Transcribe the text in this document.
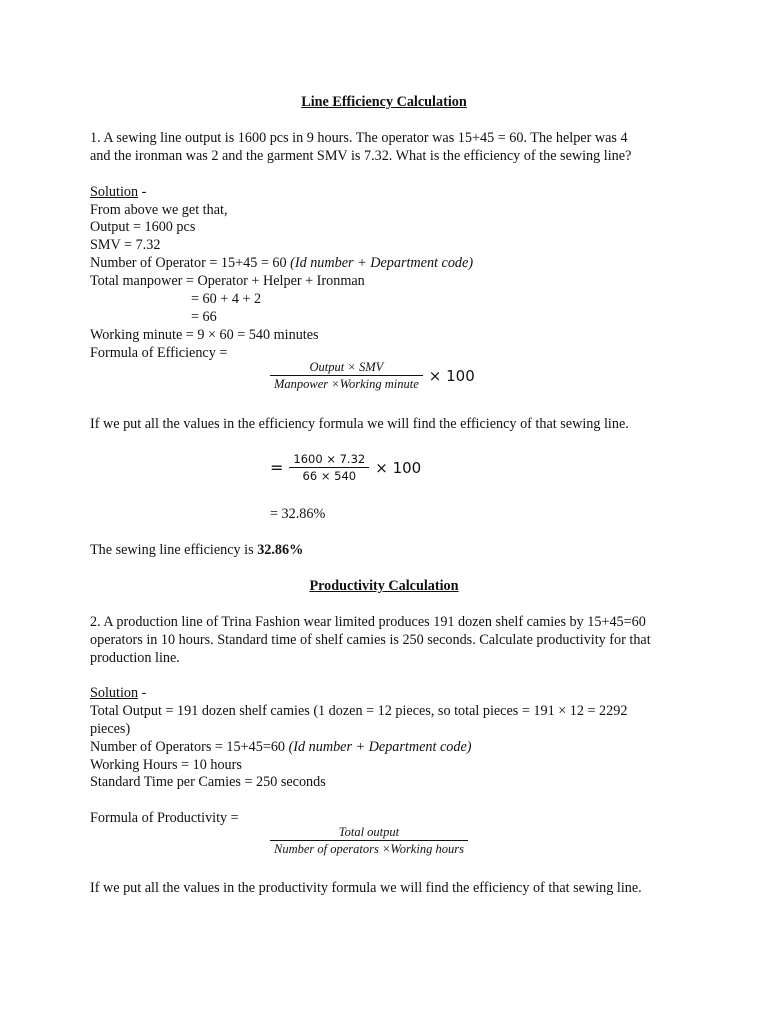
Line Efficiency Calculation
1. A sewing line output is 1600 pcs in 9 hours. The operator was 15+45 = 60. The helper was 4
and the ironman was 2 and the garment SMV is 7.32. What is the efficiency of the sewing line?
Solution -
From above we get that,
Output = 1600 pcs
SMV = 7.32
Number of Operator = 15+45 = 60 (Id number + Department code)
Total manpower = Operator + Helper + Ironman
= 60 + 4 + 2
= 66
Working minute = 9 × 60 = 540 minutes
Formula of Efficiency =
$\frac{\text{Output × SMV}}{\text{Manpower ×Working minute}} \times 100$
If we put all the values in the efficiency formula we will find the efficiency of that sewing line.
= $\frac{1600 \times 7.32}{66 \times 540} \times 100$
= 32.86%
The sewing line efficiency is 32.86%
Productivity Calculation
2. A production line of Trina Fashion wear limited produces 191 dozen shelf camies by 15+45=60
operators in 10 hours. Standard time of shelf camies is 250 seconds. Calculate productivity for that
production line.
Solution -
Total Output = 191 dozen shelf camies (1 dozen = 12 pieces, so total pieces = 191 × 12 = 2292
pieces)
Number of Operators = 15+45=60 (Id number + Department code)
Working Hours = 10 hours
Standard Time per Camies = 250 seconds
Formula of Productivity =
$\frac{\text{Total output}}{\text{Number of operators ×Working hours}}$
If we put all the values in the productivity formula we will find the efficiency of that sewing line.
